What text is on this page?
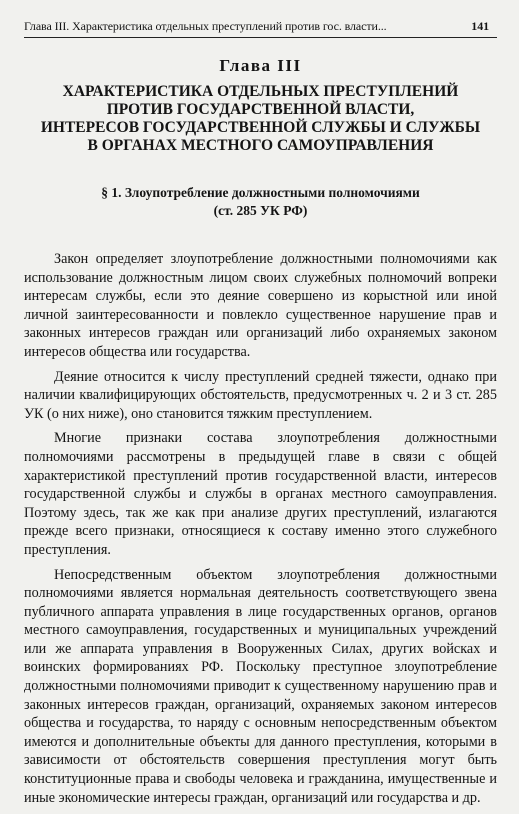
Глава III. Характеристика отдельных преступлений против гос. власти...	141
Глава III
ХАРАКТЕРИСТИКА ОТДЕЛЬНЫХ ПРЕСТУПЛЕНИЙ
ПРОТИВ ГОСУДАРСТВЕННОЙ ВЛАСТИ,
ИНТЕРЕСОВ ГОСУДАРСТВЕННОЙ СЛУЖБЫ И СЛУЖБЫ
В ОРГАНАХ МЕСТНОГО САМОУПРАВЛЕНИЯ
§ 1. Злоупотребление должностными полномочиями
(ст. 285 УК РФ)

Закон определяет злоупотребление должностными полномочиями как использование должностным лицом своих служебных полномочий вопреки интересам службы, если это деяние совершено из корыстной или иной личной заинтересованности и повлекло существенное нарушение прав и законных интересов граждан или организаций либо охраняемых законом интересов общества или государства.

Деяние относится к числу преступлений средней тяжести, однако при наличии квалифицирующих обстоятельств, предусмотренных ч. 2 и 3 ст. 285 УК (о них ниже), оно становится тяжким преступлением.

Многие признаки состава злоупотребления должностными полномочиями рассмотрены в предыдущей главе в связи с общей характеристикой преступлений против государственной власти, интересов государственной службы и службы в органах местного самоуправления. Поэтому здесь, так же как при анализе других преступлений, излагаются прежде всего признаки, относящиеся к составу именно этого служебного преступления.

Непосредственным объектом злоупотребления должностными полномочиями является нормальная деятельность соответствующего звена публичного аппарата управления в лице государственных органов, органов местного самоуправления, государственных и муниципальных учреждений или же аппарата управления в Вооруженных Силах, других войсках и воинских формированиях РФ. Поскольку преступное злоупотребление должностными полномочиями приводит к существенному нарушению прав и законных интересов граждан, организаций, охраняемых законом интересов общества и государства, то наряду с основным непосредственным объектом имеются и дополнительные объекты для данного преступления, которыми в зависимости от обстоятельств совершения преступления могут быть конституционные права и свободы человека и гражданина, имущественные и иные экономические интересы граждан, организаций или государства и др.
